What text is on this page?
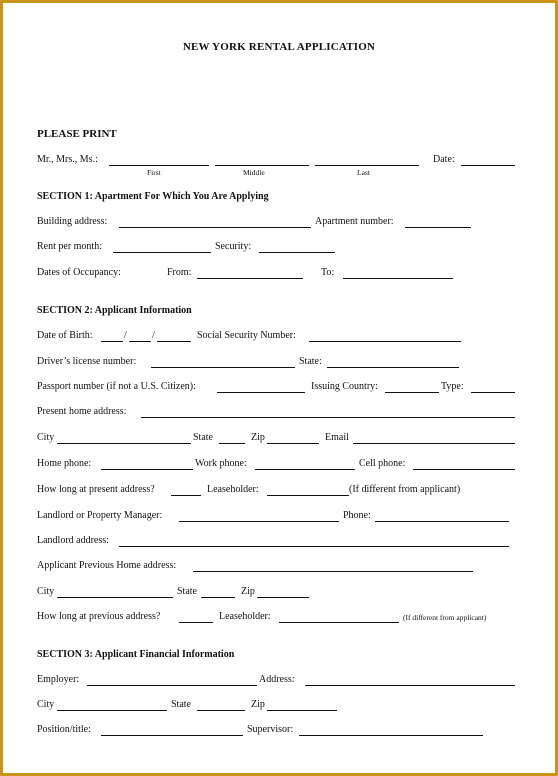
NEW YORK RENTAL APPLICATION
PLEASE PRINT
Mr., Mrs., Ms.:
First	Middle	Last
Date:
SECTION 1: Apartment For Which You Are Applying
Building address:	Apartment number:
Rent per month:	Security:
Dates of Occupancy:	From:	To:
SECTION 2: Applicant Information
Date of Birth:	/	/	Social Security Number:
Driver’s license number:	State:
Passport number (if not a U.S. Citizen):	Issuing Country:	Type:
Present home address:
City	State	Zip	Email
Home phone:	Work phone:	Cell phone:
How long at present address?	Leaseholder:	(If different from applicant)
Landlord or Property Manager:	Phone:
Landlord address:
Applicant Previous Home address:
City	State	Zip
How long at previous address?	Leaseholder:	(If different from applicant)
SECTION 3: Applicant Financial Information
Employer:	Address:
City	State	Zip
Position/title:	Supervisor:
